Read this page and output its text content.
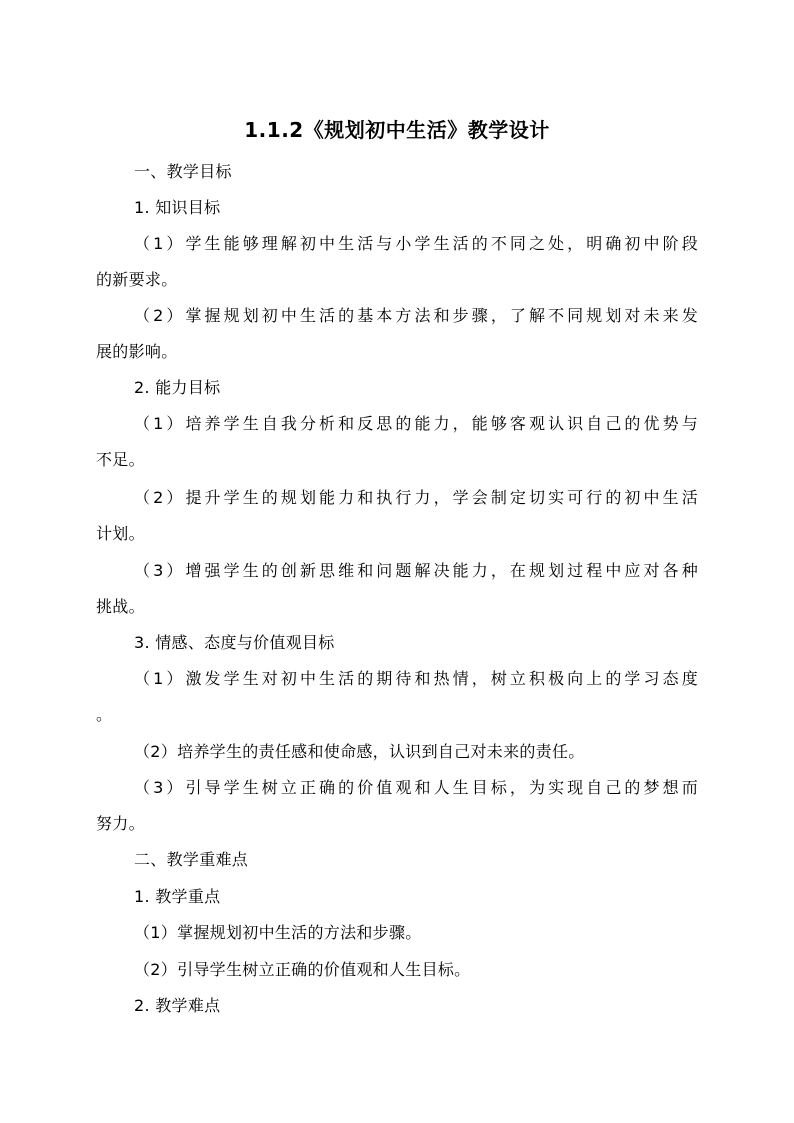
1.1.2《规划初中生活》教学设计
一、教学目标
1. 知识目标
（1）学生能够理解初中生活与小学生活的不同之处，明确初中阶段
的新要求。
（2）掌握规划初中生活的基本方法和步骤，了解不同规划对未来发
展的影响。
2. 能力目标
（1）培养学生自我分析和反思的能力，能够客观认识自己的优势与
不足。
（2）提升学生的规划能力和执行力，学会制定切实可行的初中生活
计划。
（3）增强学生的创新思维和问题解决能力，在规划过程中应对各种
挑战。
3. 情感、态度与价值观目标
（1）激发学生对初中生活的期待和热情，树立积极向上的学习态度
。
（2）培养学生的责任感和使命感，认识到自己对未来的责任。
（3）引导学生树立正确的价值观和人生目标，为实现自己的梦想而
努力。
二、教学重难点
1. 教学重点
（1）掌握规划初中生活的方法和步骤。
（2）引导学生树立正确的价值观和人生目标。
2. 教学难点
